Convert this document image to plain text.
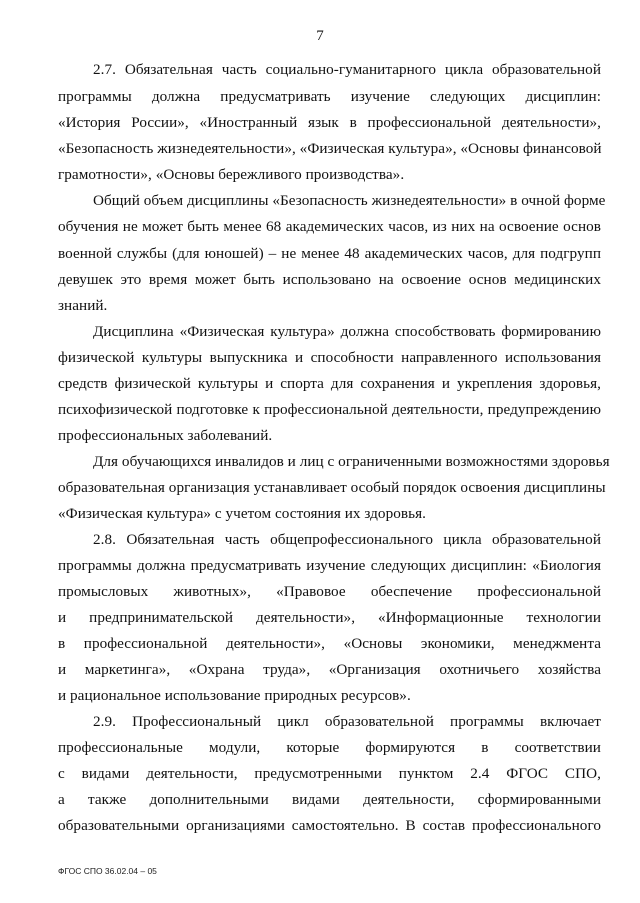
7
2.7. Обязательная часть социально-гуманитарного цикла образовательной
программы должна предусматривать изучение следующих дисциплин:
«История России», «Иностранный язык в профессиональной деятельности»,
«Безопасность жизнедеятельности», «Физическая культура», «Основы финансовой
грамотности», «Основы бережливого производства».
Общий объем дисциплины «Безопасность жизнедеятельности» в очной форме
обучения не может быть менее 68 академических часов, из них на освоение основ
военной службы (для юношей) – не менее 48 академических часов, для подгрупп
девушек это время может быть использовано на освоение основ медицинских
знаний.
Дисциплина «Физическая культура» должна способствовать формированию
физической культуры выпускника и способности направленного использования
средств физической культуры и спорта для сохранения и укрепления здоровья,
психофизической подготовке к профессиональной деятельности, предупреждению
профессиональных заболеваний.
Для обучающихся инвалидов и лиц с ограниченными возможностями здоровья
образовательная организация устанавливает особый порядок освоения дисциплины
«Физическая культура» с учетом состояния их здоровья.
2.8. Обязательная часть общепрофессионального цикла образовательной
программы должна предусматривать изучение следующих дисциплин: «Биология
промысловых животных», «Правовое обеспечение профессиональной
и предпринимательской деятельности», «Информационные технологии
в профессиональной деятельности», «Основы экономики, менеджмента
и маркетинга», «Охрана труда», «Организация охотничьего хозяйства
и рациональное использование природных ресурсов».
2.9. Профессиональный цикл образовательной программы включает
профессиональные модули, которые формируются в соответствии
с видами деятельности, предусмотренными пунктом 2.4 ФГОС СПО,
а также дополнительными видами деятельности, сформированными
образовательными организациями самостоятельно. В состав профессионального
ФГОС СПО 36.02.04 – 05
